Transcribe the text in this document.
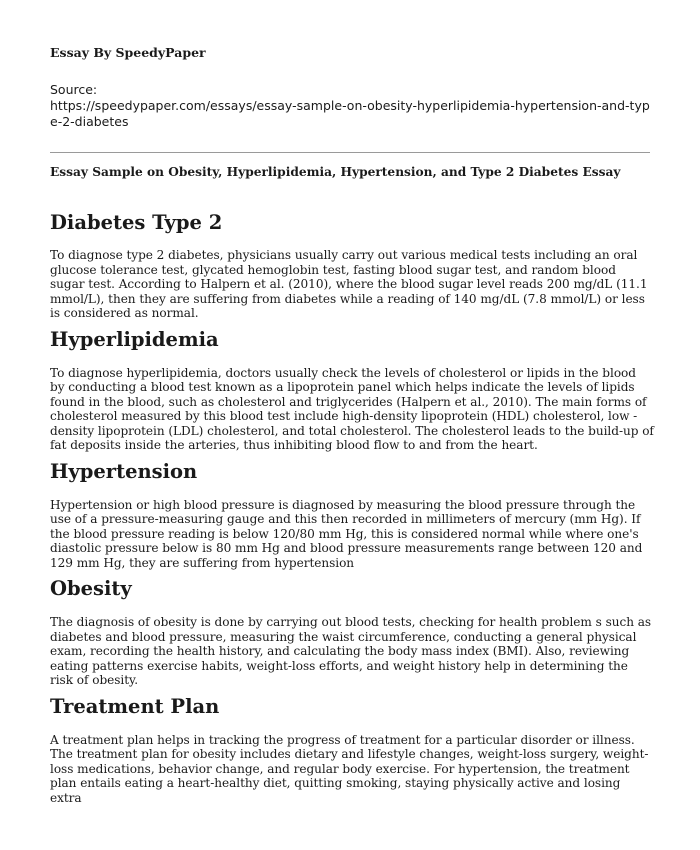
Essay By SpeedyPaper

Source:

https://speedypaper.com/essays/essay-sample-on-obesity-hyperlipidemia-hypertension-and-type-2-diabetes

Essay Sample on Obesity, Hyperlipidemia, Hypertension, and Type 2 Diabetes Essay

Diabetes Type 2

To diagnose type 2 diabetes, physicians usually carry out various medical tests including an oral glucose tolerance test, glycated hemoglobin test, fasting blood sugar test, and random blood sugar test. According to Halpern et al. (2010), where the blood sugar level reads 200 mg/dL (11.1 mmol/L), then they are suffering from diabetes while a reading of 140 mg/dL (7.8 mmol/L) or less is considered as normal.

Hyperlipidemia

To diagnose hyperlipidemia, doctors usually check the levels of cholesterol or lipids in the blood by conducting a blood test known as a lipoprotein panel which helps indicate the levels of lipids found in the blood, such as cholesterol and triglycerides (Halpern et al., 2010). The main forms of cholesterol measured by this blood test include high-density lipoprotein (HDL) cholesterol, low -density lipoprotein (LDL) cholesterol, and total cholesterol. The cholesterol leads to the build-up of fat deposits inside the arteries, thus inhibiting blood flow to and from the heart.

Hypertension

Hypertension or high blood pressure is diagnosed by measuring the blood pressure through the use of a pressure-measuring gauge and this then recorded in millimeters of mercury (mm Hg). If the blood pressure reading is below 120/80 mm Hg, this is considered normal while where one's diastolic pressure below is 80 mm Hg and blood pressure measurements range between 120 and 129 mm Hg, they are suffering from hypertension

Obesity

The diagnosis of obesity is done by carrying out blood tests, checking for health problem s such as diabetes and blood pressure, measuring the waist circumference, conducting a general physical exam, recording the health history, and calculating the body mass index (BMI). Also, reviewing eating patterns exercise habits, weight-loss efforts, and weight history help in determining the risk of obesity.

Treatment Plan

A treatment plan helps in tracking the progress of treatment for a particular disorder or illness. The treatment plan for obesity includes dietary and lifestyle changes, weight-loss surgery, weight-loss medications, behavior change, and regular body exercise. For hypertension, the treatment plan entails eating a heart-healthy diet, quitting smoking, staying physically active and losing extra
